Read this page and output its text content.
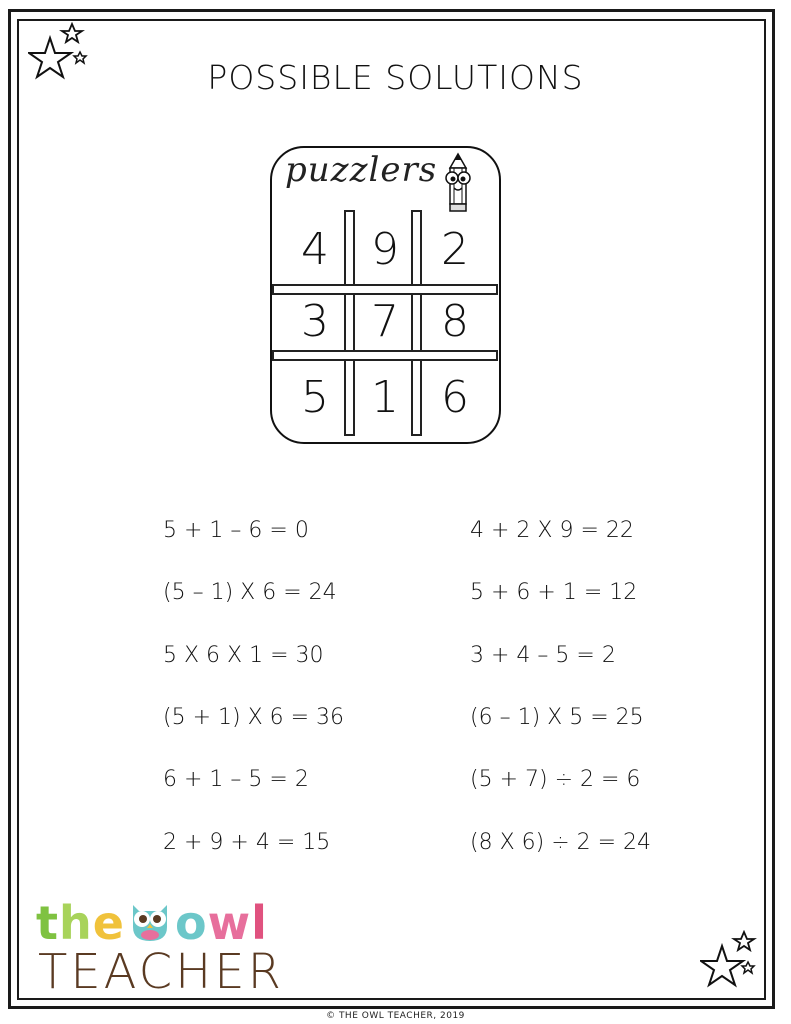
POSSIBLE SOLUTIONS
puzzlers
4 9 2
3 7 8
5 1 6
5 + 1 – 6 = 0
(5 – 1) X 6 = 24
5 X 6 X 1 = 30
(5 + 1) X 6 = 36
6 + 1 – 5 = 2
2 + 9 + 4 = 15
4 + 2 X 9 = 22
5 + 6 + 1 = 12
3 + 4 – 5 = 2
(6 – 1) X 5 = 25
(5 + 7) ÷ 2 = 6
(8 X 6) ÷ 2 = 24
the owl
TEACHER
© THE OWL TEACHER, 2019
